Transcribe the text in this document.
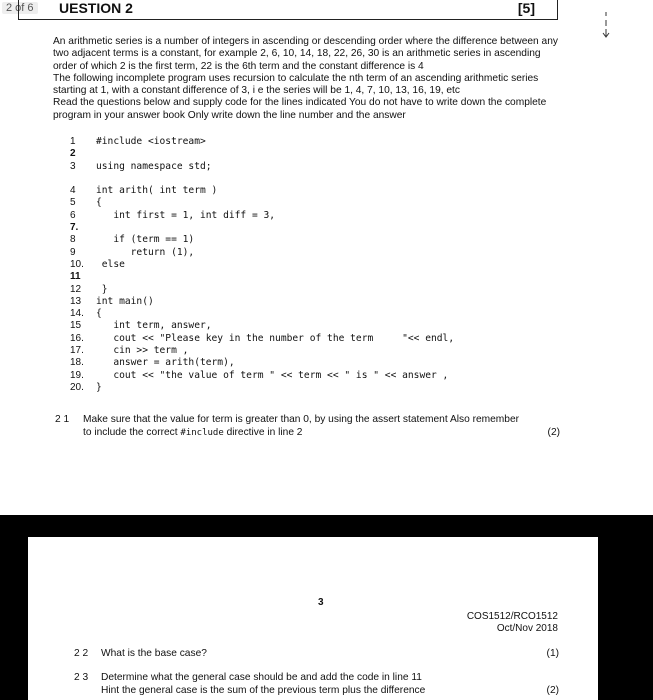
2 of 6 UESTION 2	[5]

An arithmetic series is a number of integers in ascending or descending order where the difference between any two adjacent terms is a constant, for example 2, 6, 10, 14, 18, 22, 26, 30 is an arithmetic series in ascending order of which 2 is the first term, 22 is the 6th term and the constant difference is 4

The following incomplete program uses recursion to calculate the nth term of an ascending arithmetic series starting at 1, with a constant difference of 3, i e the series will be 1, 4, 7, 10, 13, 16, 19, etc

Read the questions below and supply code for the lines indicated You do not have to write down the complete program in your answer book Only write down the line number and the answer

1	#include <iostream>
2
3	using namespace std;
4	int arith( int term )
5	{
6	int first = 1, int diff = 3,
7.
8	if (term == 1)
9	return (1),
10.	else
11
12	}
13	int main()
14.	{
15	int term, answer,
16.	cout << "Please key in the number of the term     "<< endl,
17.	cin >> term ,
18.	answer = arith(term),
19.	cout << "the value of term " << term << " is " << answer ,
20.	}
2 1 Make sure that the value for term is greater than 0, by using the assert statement Also remember to include the correct #include directive in line 2	(2)
3
COS1512/RCO1512
Oct/Nov 2018
2 2 What is the base case?	(1)
2 3 Determine what the general case should be and add the code in line 11
Hint the general case is the sum of the previous term plus the difference	(2)
